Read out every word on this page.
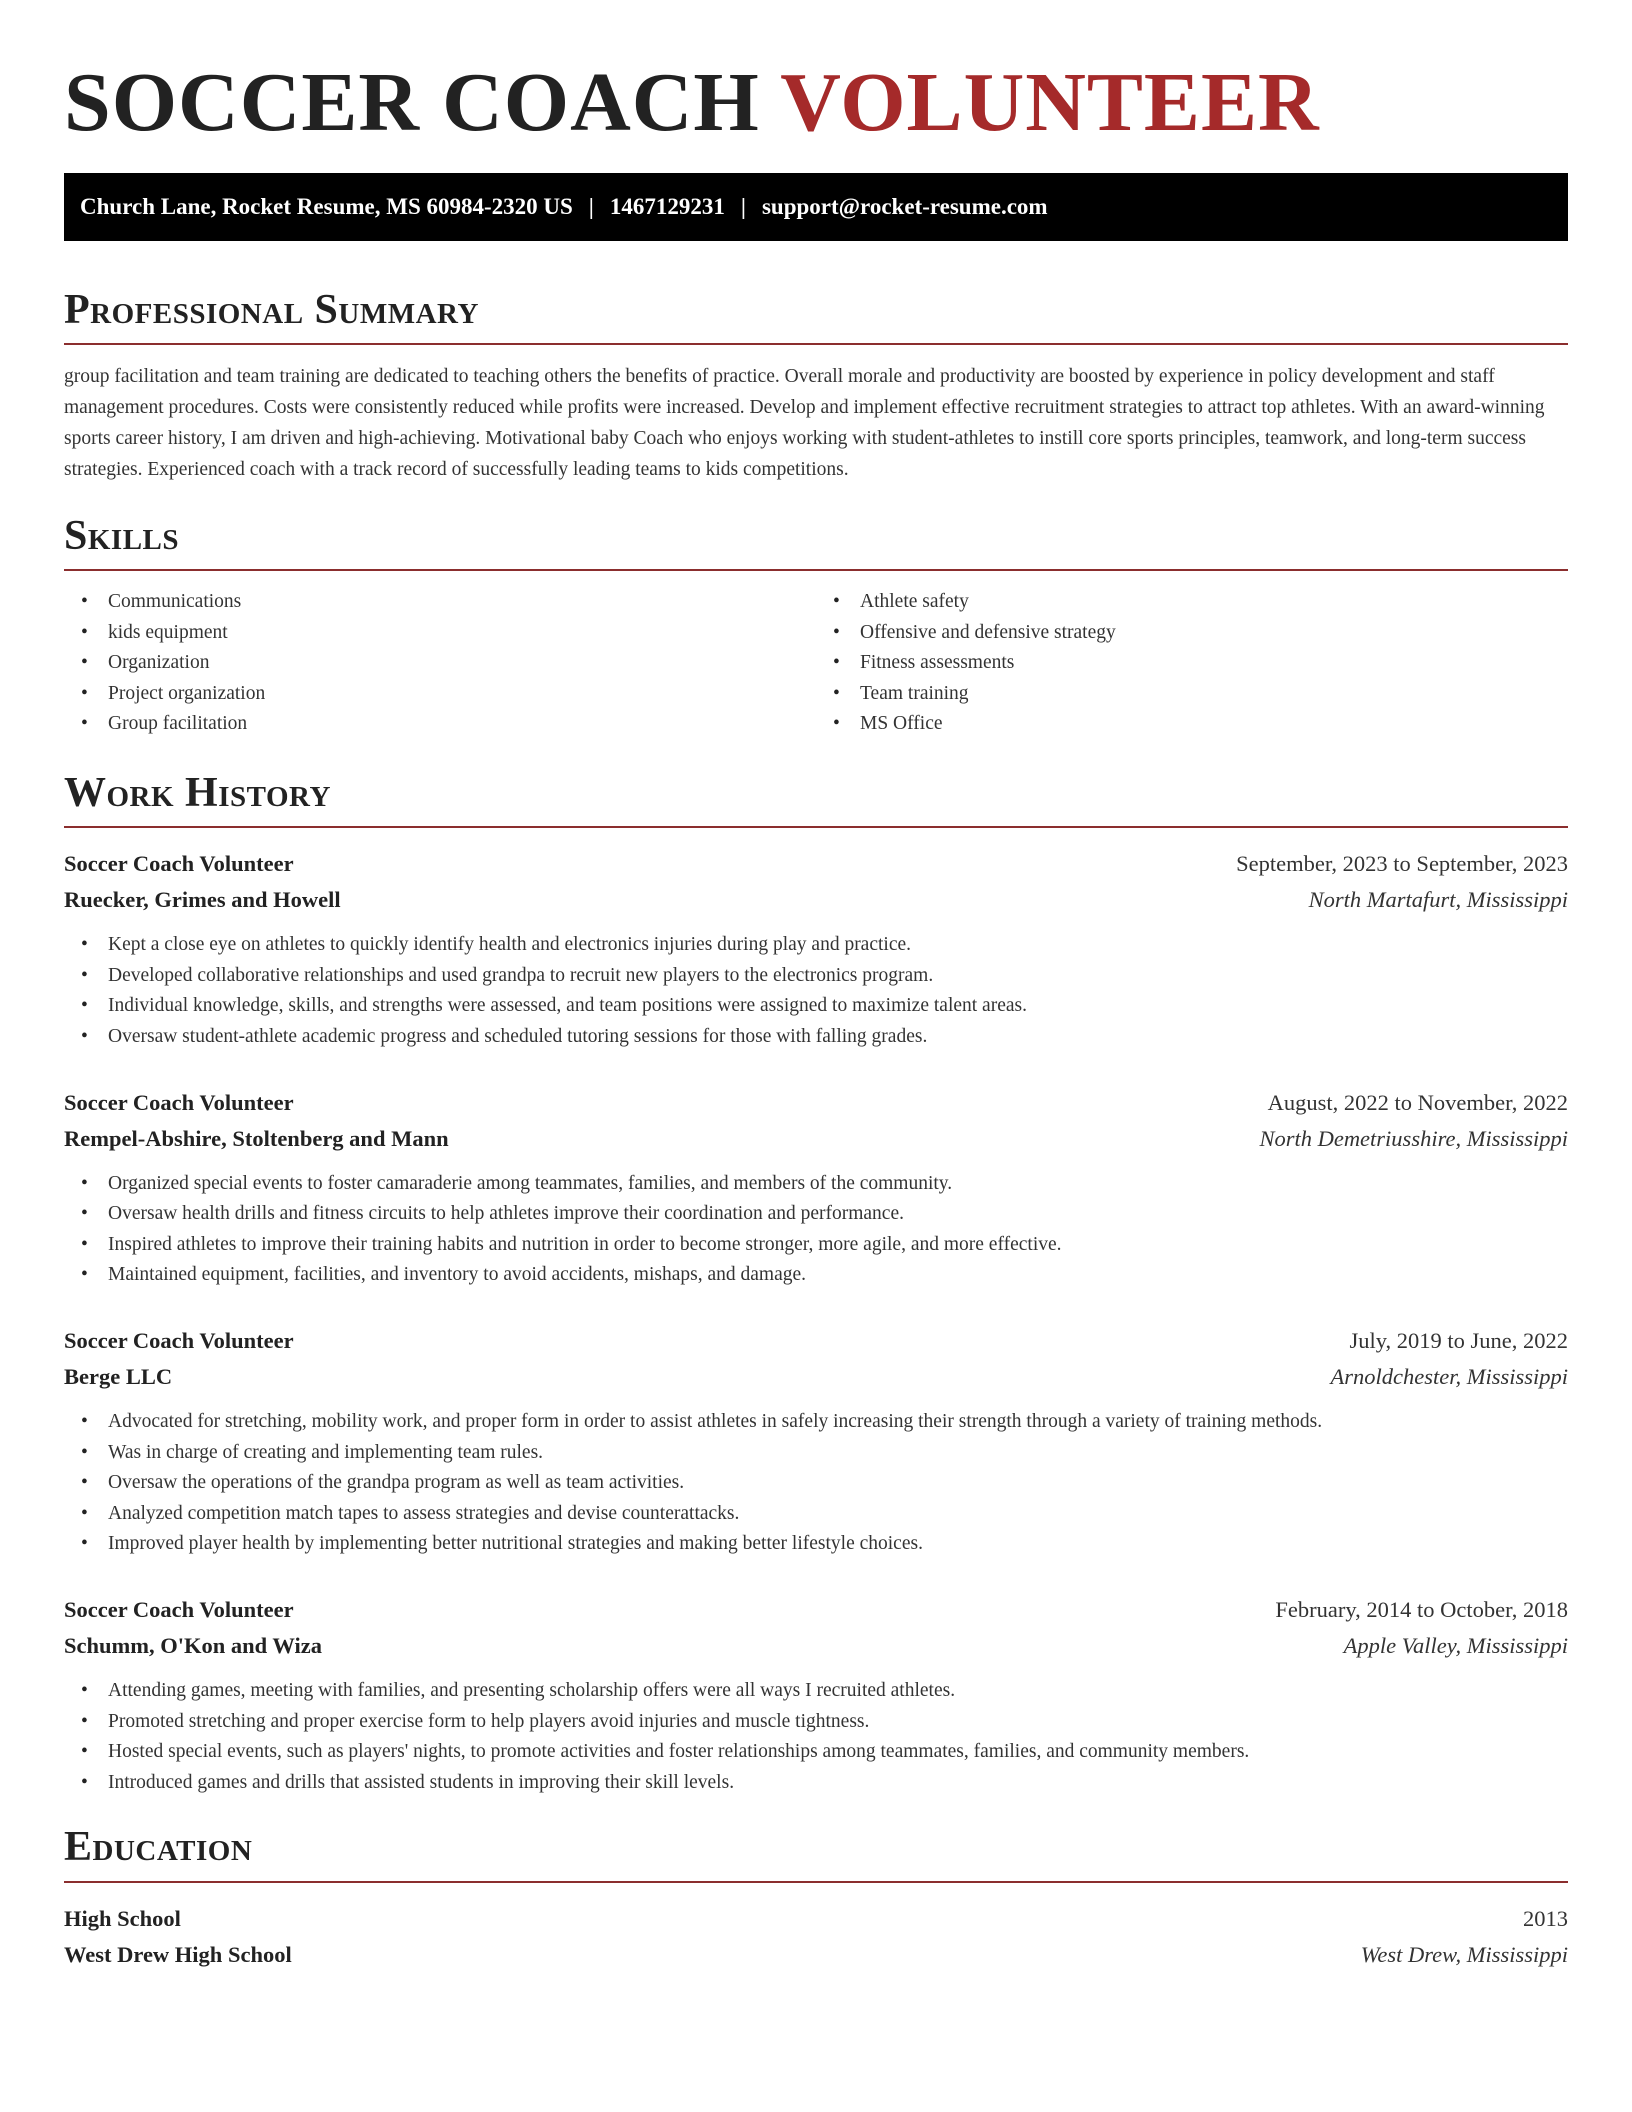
SOCCER COACH VOLUNTEER
Church Lane, Rocket Resume, MS 60984-2320 US | 1467129231 | support@rocket-resume.com
Professional Summary

group facilitation and team training are dedicated to teaching others the benefits of practice. Overall morale and productivity are boosted by experience in policy development and staff management procedures. Costs were consistently reduced while profits were increased. Develop and implement effective recruitment strategies to attract top athletes. With an award-winning sports career history, I am driven and high-achieving. Motivational baby Coach who enjoys working with student-athletes to instill core sports principles, teamwork, and long-term success strategies. Experienced coach with a track record of successfully leading teams to kids competitions.

Skills
• Communications
• kids equipment
• Organization
• Project organization
• Group facilitation
• Athlete safety
• Offensive and defensive strategy
• Fitness assessments
• Team training
• MS Office
Work History
Soccer Coach Volunteer	September, 2023 to September, 2023
Ruecker, Grimes and Howell	North Martafurt, Mississippi
• Kept a close eye on athletes to quickly identify health and electronics injuries during play and practice.
• Developed collaborative relationships and used grandpa to recruit new players to the electronics program.
• Individual knowledge, skills, and strengths were assessed, and team positions were assigned to maximize talent areas.
• Oversaw student-athlete academic progress and scheduled tutoring sessions for those with falling grades.
Soccer Coach Volunteer	August, 2022 to November, 2022
Rempel-Abshire, Stoltenberg and Mann	North Demetriusshire, Mississippi
• Organized special events to foster camaraderie among teammates, families, and members of the community.
• Oversaw health drills and fitness circuits to help athletes improve their coordination and performance.
• Inspired athletes to improve their training habits and nutrition in order to become stronger, more agile, and more effective.
• Maintained equipment, facilities, and inventory to avoid accidents, mishaps, and damage.
Soccer Coach Volunteer	July, 2019 to June, 2022
Berge LLC	Arnoldchester, Mississippi
• Advocated for stretching, mobility work, and proper form in order to assist athletes in safely increasing their strength through a variety of training methods.
• Was in charge of creating and implementing team rules.
• Oversaw the operations of the grandpa program as well as team activities.
• Analyzed competition match tapes to assess strategies and devise counterattacks.
• Improved player health by implementing better nutritional strategies and making better lifestyle choices.
Soccer Coach Volunteer	February, 2014 to October, 2018
Schumm, O'Kon and Wiza	Apple Valley, Mississippi
• Attending games, meeting with families, and presenting scholarship offers were all ways I recruited athletes.
• Promoted stretching and proper exercise form to help players avoid injuries and muscle tightness.
• Hosted special events, such as players' nights, to promote activities and foster relationships among teammates, families, and community members.
• Introduced games and drills that assisted students in improving their skill levels.
Education
High School	2013
West Drew High School	West Drew, Mississippi
